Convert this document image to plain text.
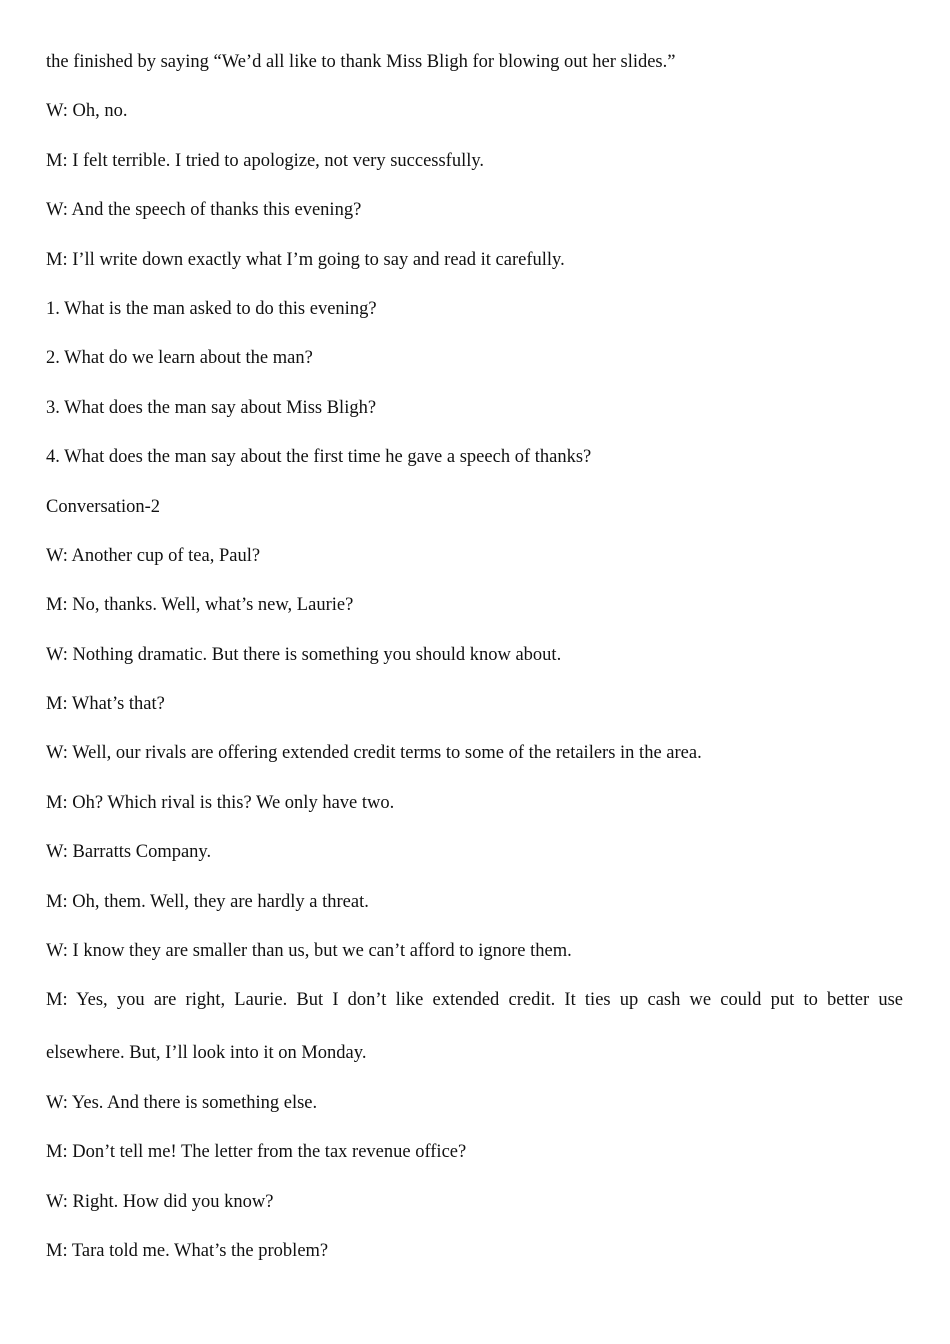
the finished by saying “We’d all like to thank Miss Bligh for blowing out her slides.”

W: Oh, no.

M: I felt terrible. I tried to apologize, not very successfully.

W: And the speech of thanks this evening?

M: I’ll write down exactly what I’m going to say and read it carefully.

1. What is the man asked to do this evening?

2. What do we learn about the man?

3. What does the man say about Miss Bligh?

4. What does the man say about the first time he gave a speech of thanks?

Conversation-2

W: Another cup of tea, Paul?

M: No, thanks. Well, what’s new, Laurie?

W: Nothing dramatic. But there is something you should know about.

M: What’s that?

W: Well, our rivals are offering extended credit terms to some of the retailers in the area.

M: Oh? Which rival is this? We only have two.

W: Barratts Company.

M: Oh, them. Well, they are hardly a threat.

W: I know they are smaller than us, but we can’t afford to ignore them.

M: Yes, you are right, Laurie. But I don’t like extended credit. It ties up cash we could put to better use
elsewhere. But, I’ll look into it on Monday.

W: Yes. And there is something else.

M: Don’t tell me! The letter from the tax revenue office?

W: Right. How did you know?

M: Tara told me. What’s the problem?
